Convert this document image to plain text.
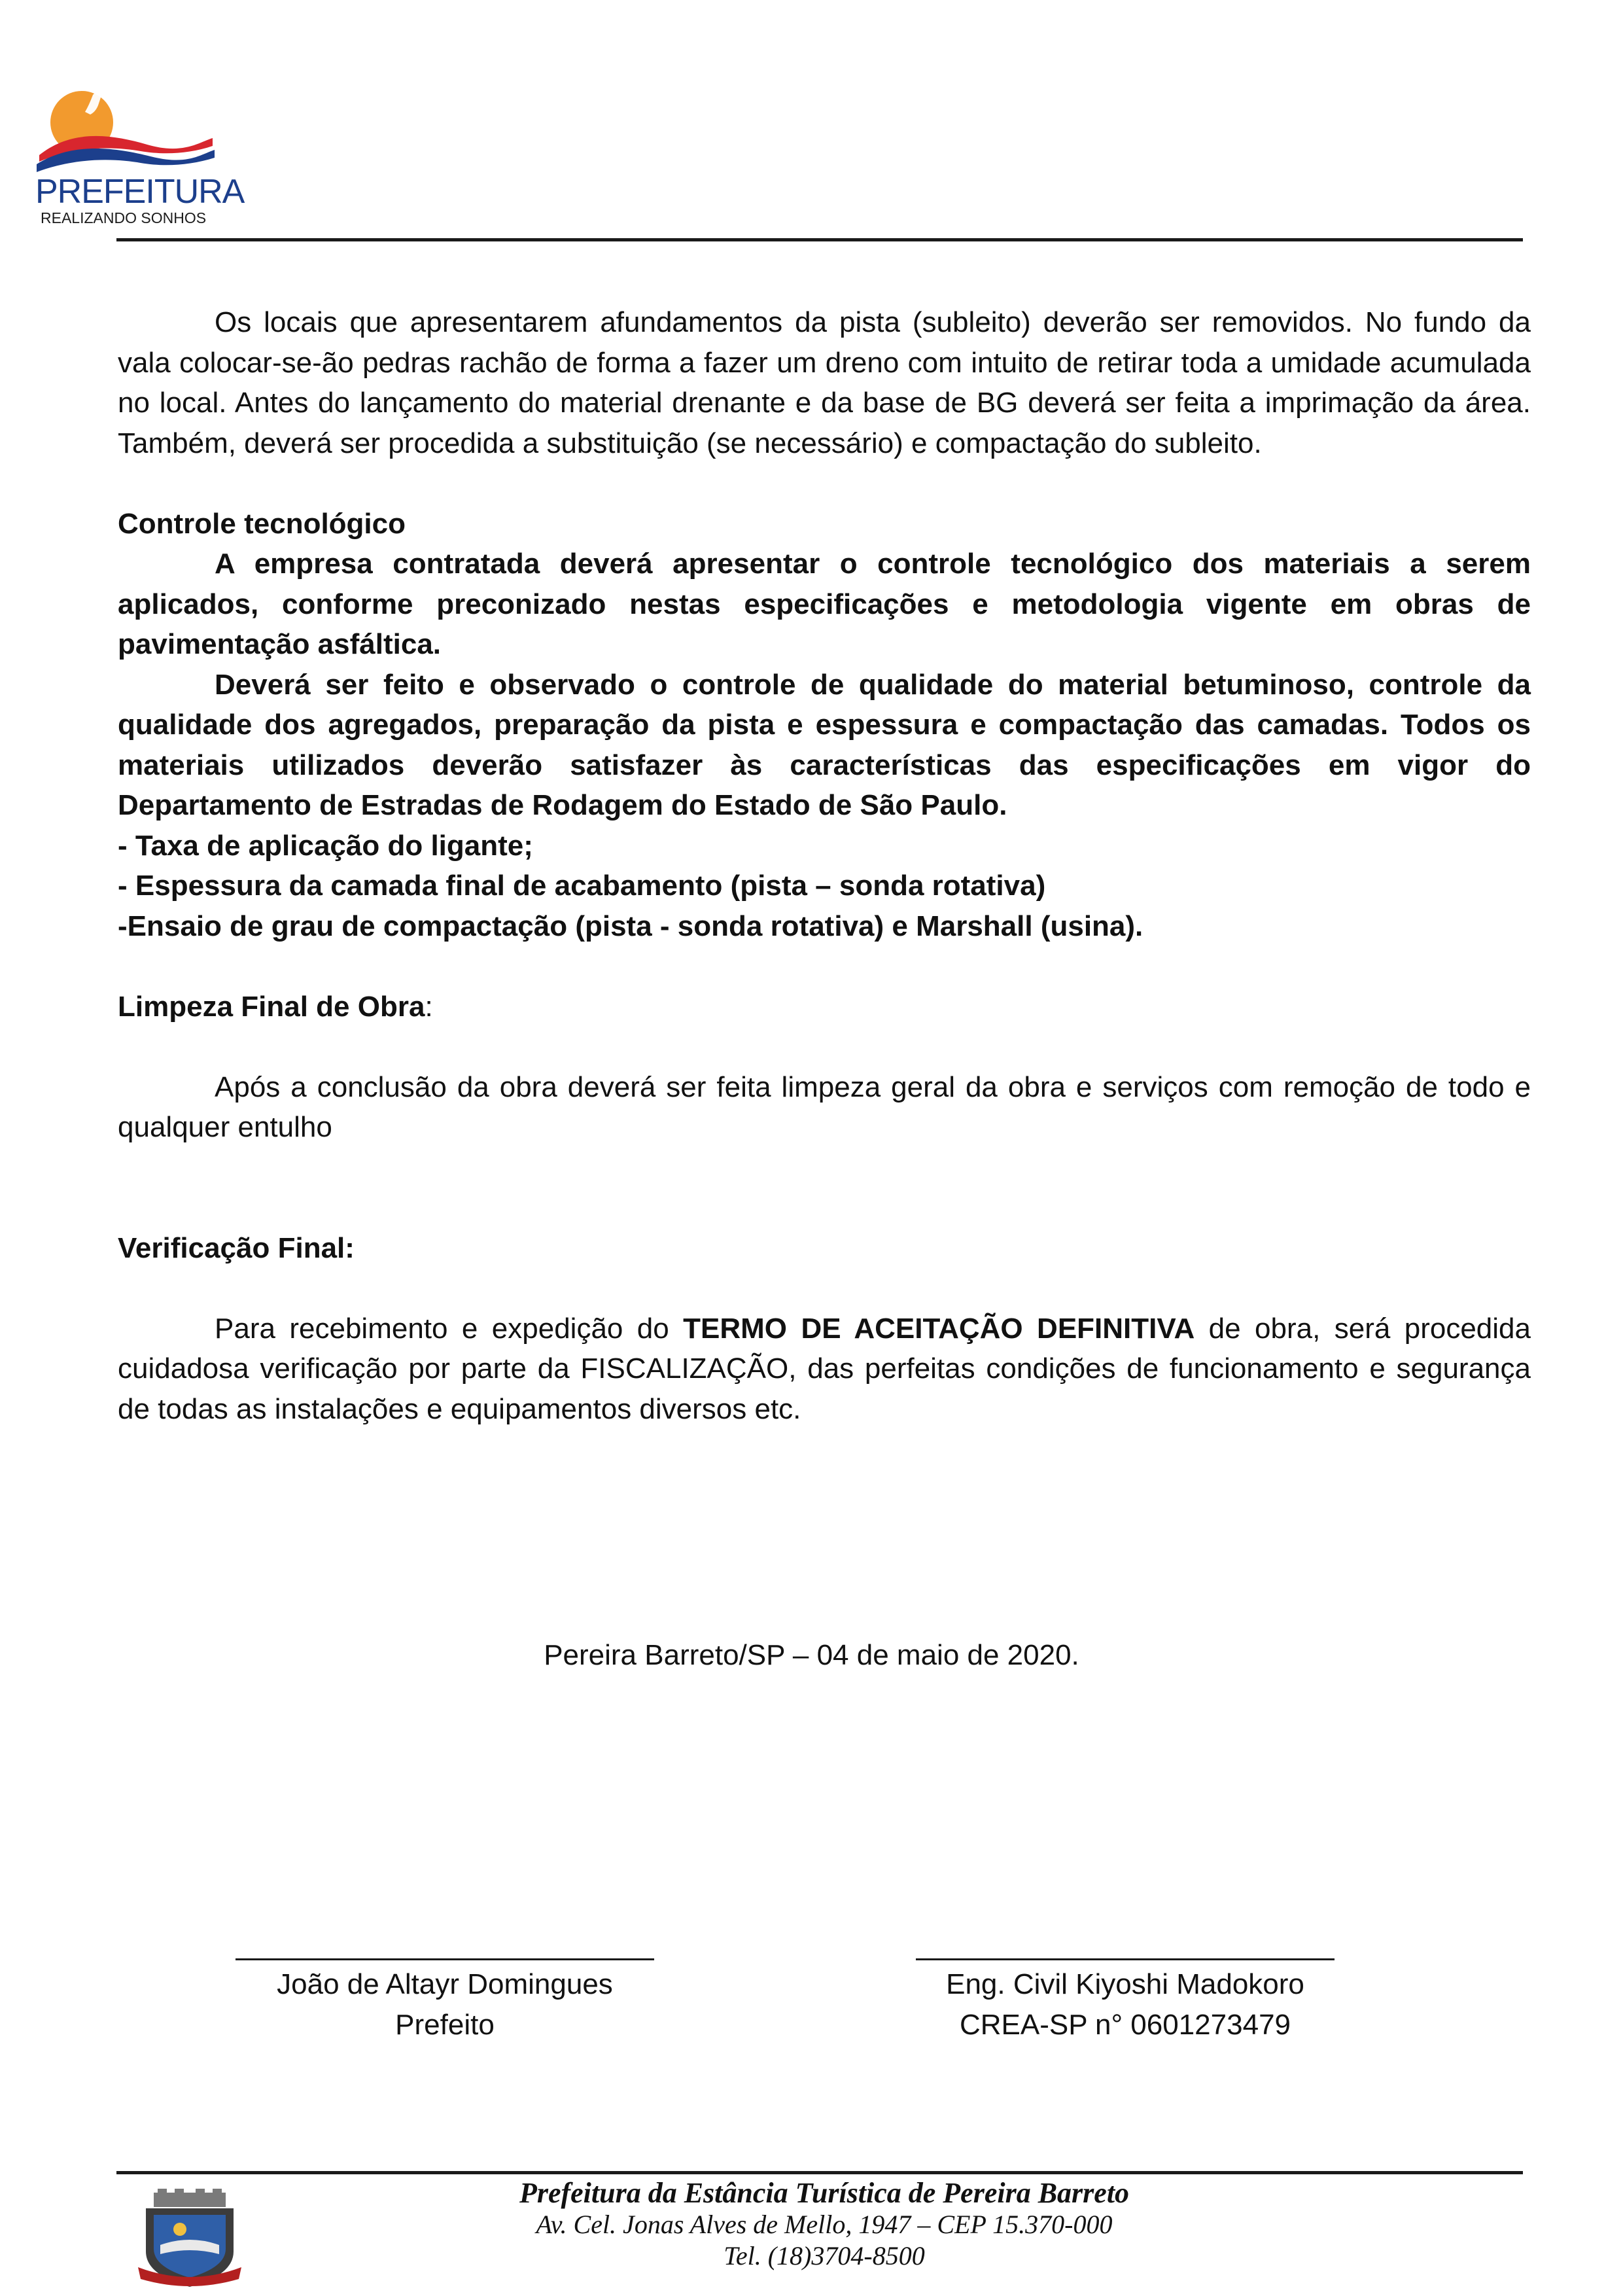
PREFEITURA
REALIZANDO SONHOS

Os locais que apresentarem afundamentos da pista (subleito) deverão ser removidos. No fundo da vala colocar-se-ão pedras rachão de forma a fazer um dreno com intuito de retirar toda a umidade acumulada no local. Antes do lançamento do material drenante e da base de BG deverá ser feita a imprimação da área. Também, deverá ser procedida a substituição (se necessário) e compactação do subleito.

Controle tecnológico

A empresa contratada deverá apresentar o controle tecnológico dos materiais a serem aplicados, conforme preconizado nestas especificações e metodologia vigente em obras de pavimentação asfáltica.

Deverá ser feito e observado o controle de qualidade do material betuminoso, controle da qualidade dos agregados, preparação da pista e espessura e compactação das camadas. Todos os materiais utilizados deverão satisfazer às características das especificações em vigor do Departamento de Estradas de Rodagem do Estado de São Paulo.

- Taxa de aplicação do ligante;

- Espessura da camada final de acabamento (pista – sonda rotativa)

-Ensaio de grau de compactação (pista - sonda rotativa) e Marshall (usina).

Limpeza Final de Obra:

Após a conclusão da obra deverá ser feita limpeza geral da obra e serviços com remoção de todo e qualquer entulho

Verificação Final:

Para recebimento e expedição do TERMO DE ACEITAÇÃO DEFINITIVA de obra, será procedida cuidadosa verificação por parte da FISCALIZAÇÃO, das perfeitas condições de funcionamento e segurança de todas as instalações e equipamentos diversos etc.

Pereira Barreto/SP – 04 de maio de 2020.
João de Altayr Domingues
Prefeito
Eng. Civil Kiyoshi Madokoro
CREA-SP n° 0601273479
Prefeitura da Estância Turística de Pereira Barreto
Av. Cel. Jonas Alves de Mello, 1947 – CEP 15.370-000
Tel. (18)3704-8500
